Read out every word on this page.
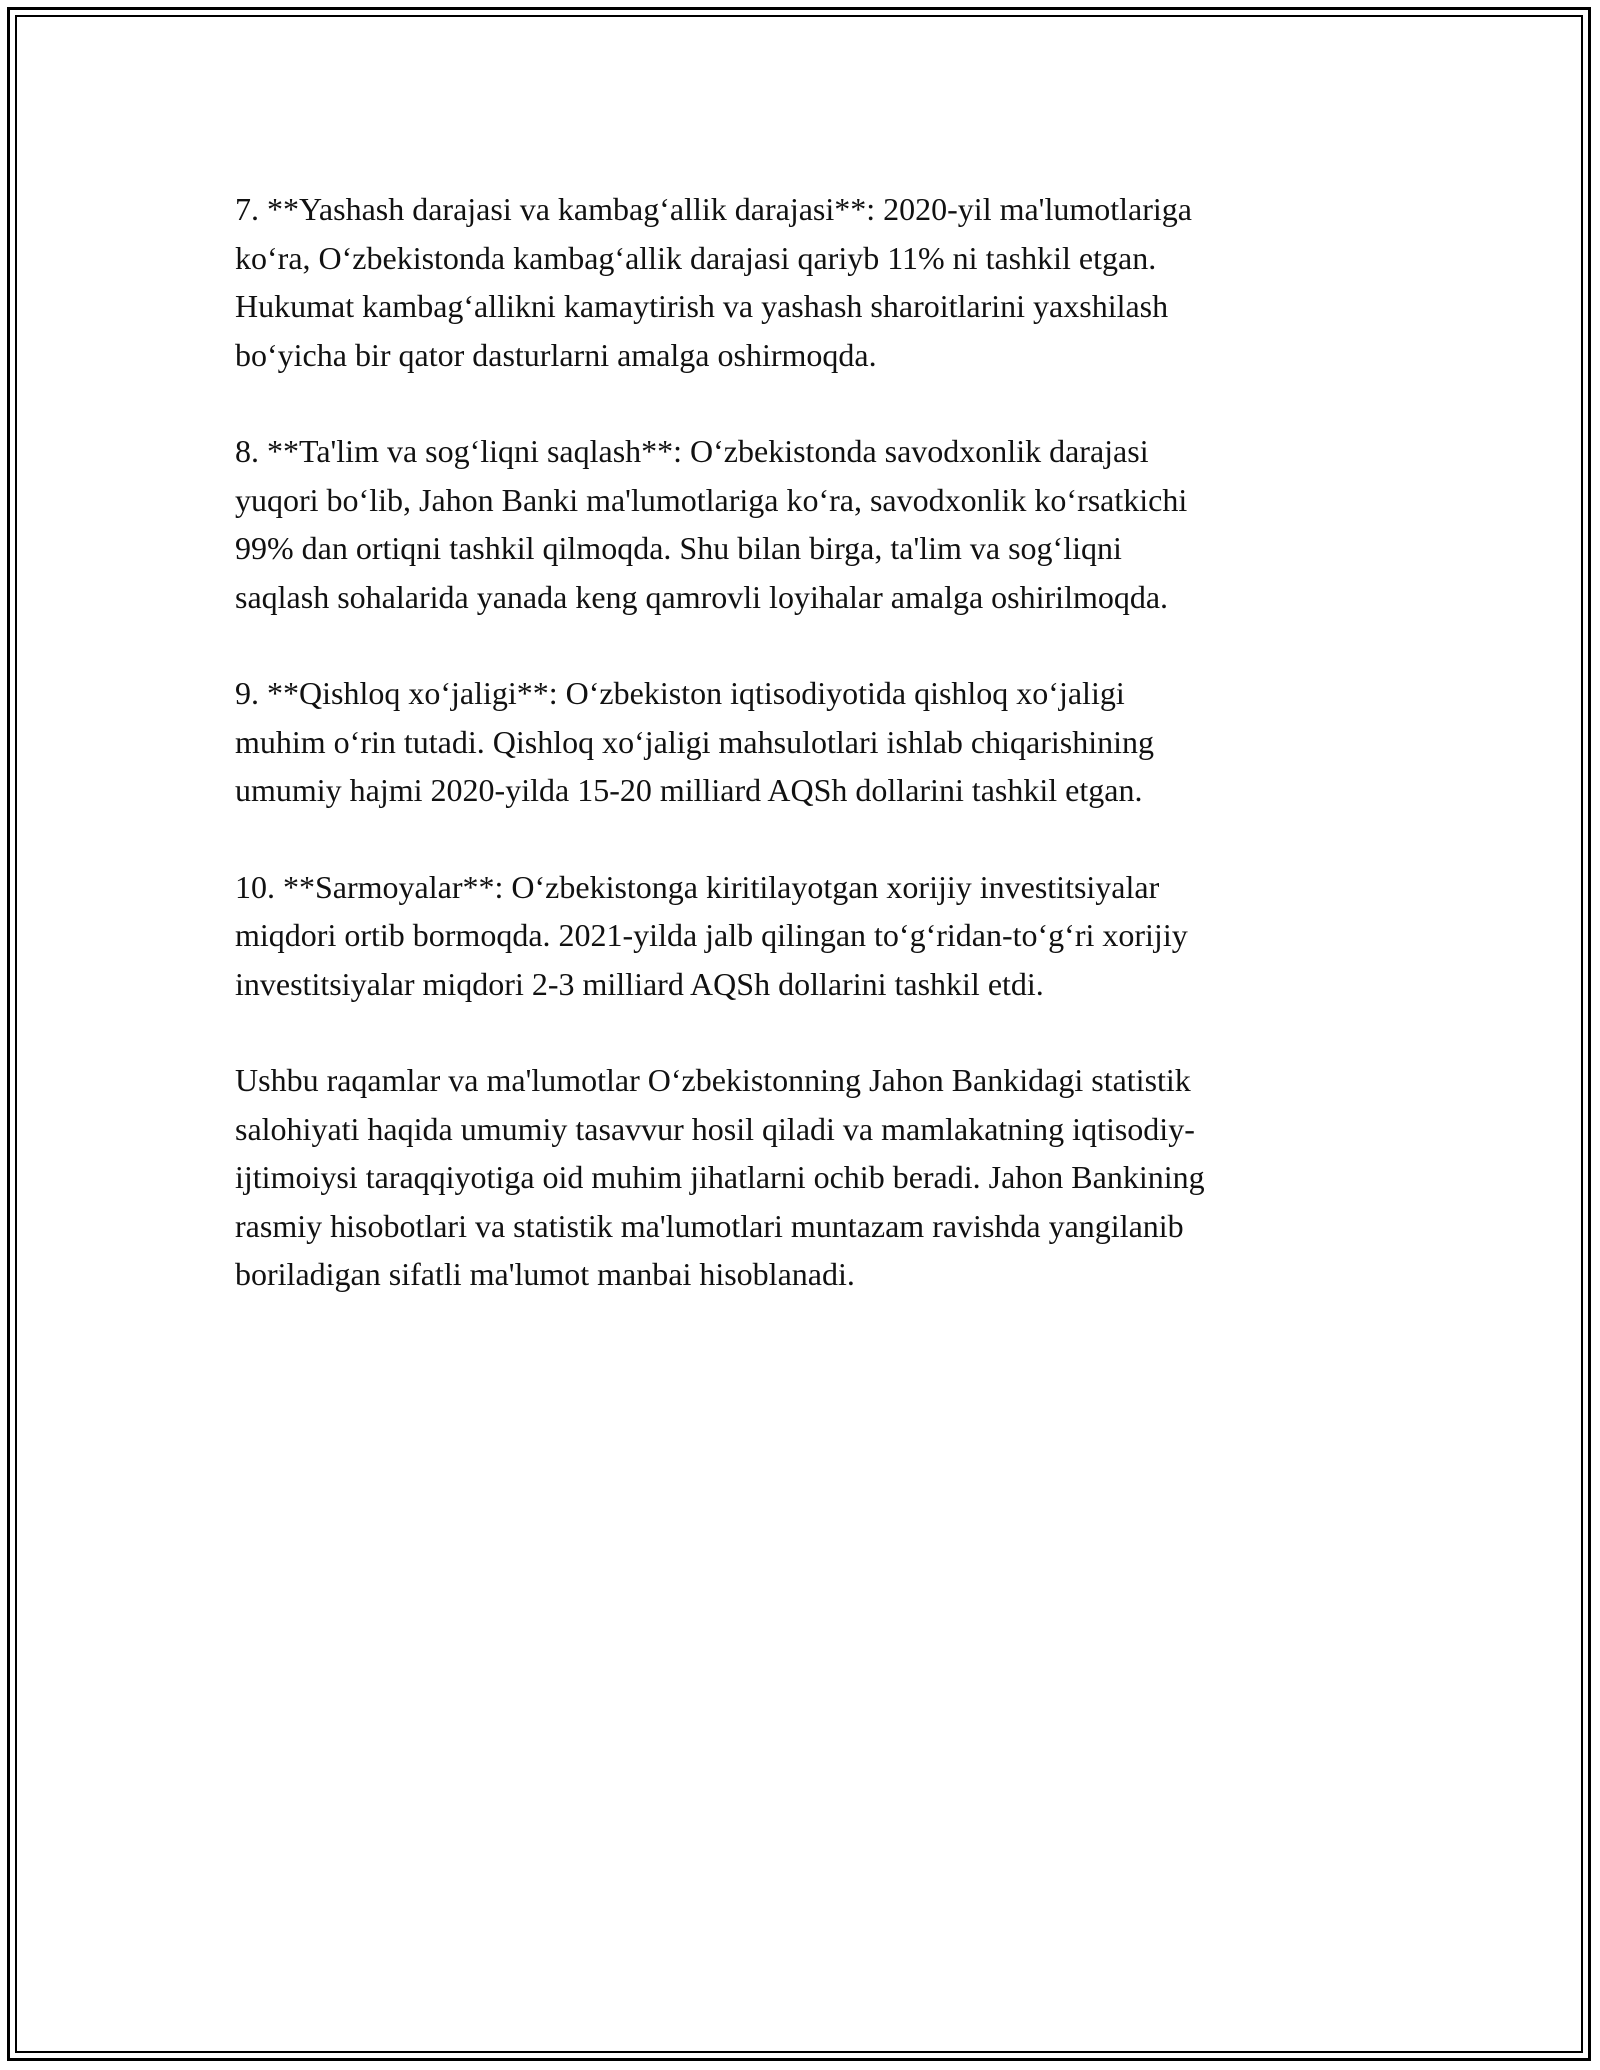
7. **Yashash darajasi va kambag‘allik darajasi**: 2020-yil ma'lumotlariga
ko‘ra, O‘zbekistonda kambag‘allik darajasi qariyb 11% ni tashkil etgan.
Hukumat kambag‘allikni kamaytirish va yashash sharoitlarini yaxshilash
bo‘yicha bir qator dasturlarni amalga oshirmoqda.

8. **Ta'lim va sog‘liqni saqlash**: O‘zbekistonda savodxonlik darajasi
yuqori bo‘lib, Jahon Banki ma'lumotlariga ko‘ra, savodxonlik ko‘rsatkichi
99% dan ortiqni tashkil qilmoqda. Shu bilan birga, ta'lim va sog‘liqni
saqlash sohalarida yanada keng qamrovli loyihalar amalga oshirilmoqda.

9. **Qishloq xo‘jaligi**: O‘zbekiston iqtisodiyotida qishloq xo‘jaligi
muhim o‘rin tutadi. Qishloq xo‘jaligi mahsulotlari ishlab chiqarishining
umumiy hajmi 2020-yilda 15-20 milliard AQSh dollarini tashkil etgan.

10. **Sarmoyalar**: O‘zbekistonga kiritilayotgan xorijiy investitsiyalar
miqdori ortib bormoqda. 2021-yilda jalb qilingan to‘g‘ridan-to‘g‘ri xorijiy
investitsiyalar miqdori 2-3 milliard AQSh dollarini tashkil etdi.

Ushbu raqamlar va ma'lumotlar O‘zbekistonning Jahon Bankidagi statistik
salohiyati haqida umumiy tasavvur hosil qiladi va mamlakatning iqtisodiy-
ijtimoiysi taraqqiyotiga oid muhim jihatlarni ochib beradi. Jahon Bankining
rasmiy hisobotlari va statistik ma'lumotlari muntazam ravishda yangilanib
boriladigan sifatli ma'lumot manbai hisoblanadi.
